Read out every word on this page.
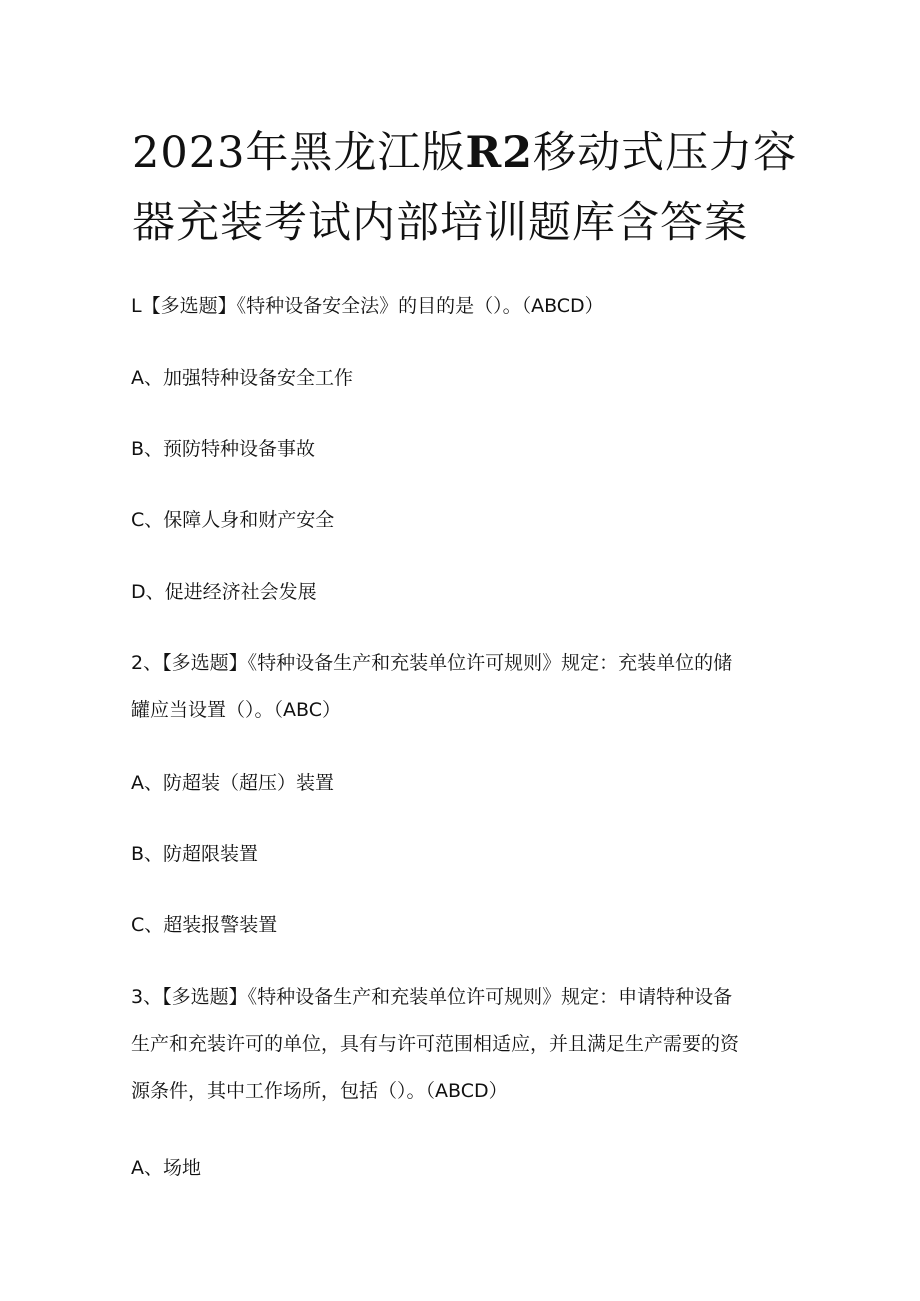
2023年黑龙江版R2移动式压力容
器充装考试内部培训题库含答案

L【多选题】《特种设备安全法》的目的是（）。（ABCD）

A、加强特种设备安全工作

B、预防特种设备事故

C、保障人身和财产安全

D、促进经济社会发展

2、【多选题】《特种设备生产和充装单位许可规则》规定：充装单位的储
罐应当设置（）。（ABC）

A、防超装（超压）装置

B、防超限装置

C、超装报警装置

3、【多选题】《特种设备生产和充装单位许可规则》规定：申请特种设备
生产和充装许可的单位，具有与许可范围相适应，并且满足生产需要的资
源条件，其中工作场所，包括（）。（ABCD）

A、场地
